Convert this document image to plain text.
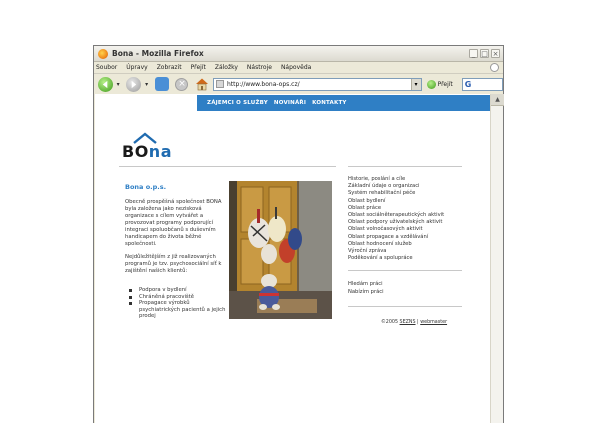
Bona - Mozilla Firefox	_ □ ×
Soubor Úpravy Zobrazit Přejít Záložky Nástroje Nápověda
▾	▾	×	http://www.bona-ops.cz/	▾	Přejít G
ZÁJEMCI O SLUŽBY NOVINÁŘI KONTAKTY
BOna
Bona o.p.s.

Obecně prospěšná společnost BONA byla založena jako nezisková organizace s cílem vytvářet a provozovat programy podporující integraci spoluobčanů s duševním handicapem do života běžné společnosti.

Nejdůležitějším z již realizovaných programů je tzv. psychosociální síť k zajištění našich klientů:

Podpora v bydlení
Chráněná pracoviště
Propagace výrobků psychiatrických pacientů a jejich prodej
Historie, poslání a cíle
Základní údaje o organizaci
Systém rehabilitační péče
Oblast bydlení
Oblast práce
Oblast sociálněterapeutických aktivit
Oblast podpory uživatelských aktivit
Oblast volnočasových aktivit
Oblast propagace a vzdělávání
Oblast hodnocení služeb
Výroční zpráva
Poděkování a spolupráce
Hledám práci
Nabízím práci
©2005 SEZNS | webmaster
▲
